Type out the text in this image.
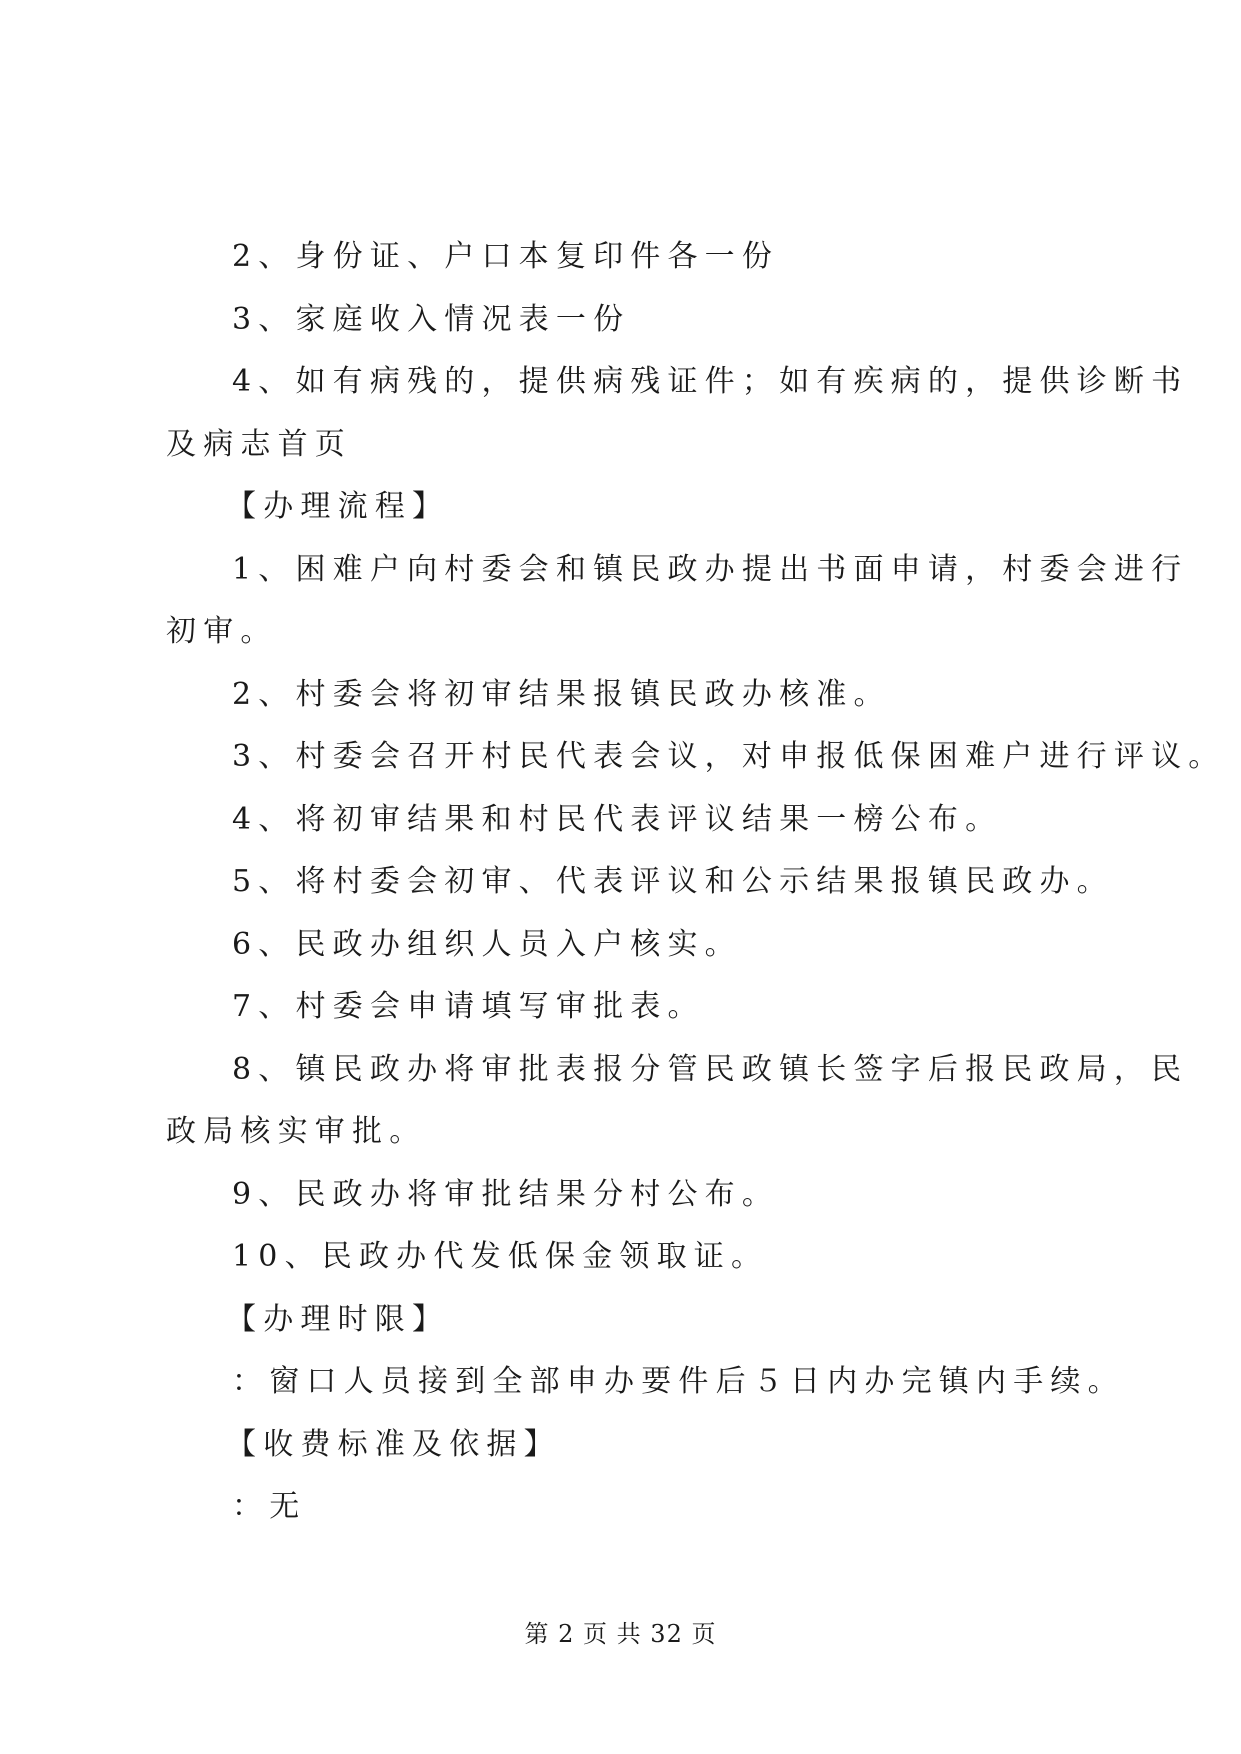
2、身份证、户口本复印件各一份

3、家庭收入情况表一份

4、如有病残的，提供病残证件；如有疾病的，提供诊断书

及病志首页

【办理流程】

1、困难户向村委会和镇民政办提出书面申请，村委会进行

初审。

2、村委会将初审结果报镇民政办核准。

3、村委会召开村民代表会议，对申报低保困难户进行评议。

4、将初审结果和村民代表评议结果一榜公布。

5、将村委会初审、代表评议和公示结果报镇民政办。

6、民政办组织人员入户核实。

7、村委会申请填写审批表。

8、镇民政办将审批表报分管民政镇长签字后报民政局，民

政局核实审批。

9、民政办将审批结果分村公布。

10、民政办代发低保金领取证。

【办理时限】

：窗口人员接到全部申办要件后５日内办完镇内手续。

【收费标准及依据】

：无

第 2 页 共 32 页
